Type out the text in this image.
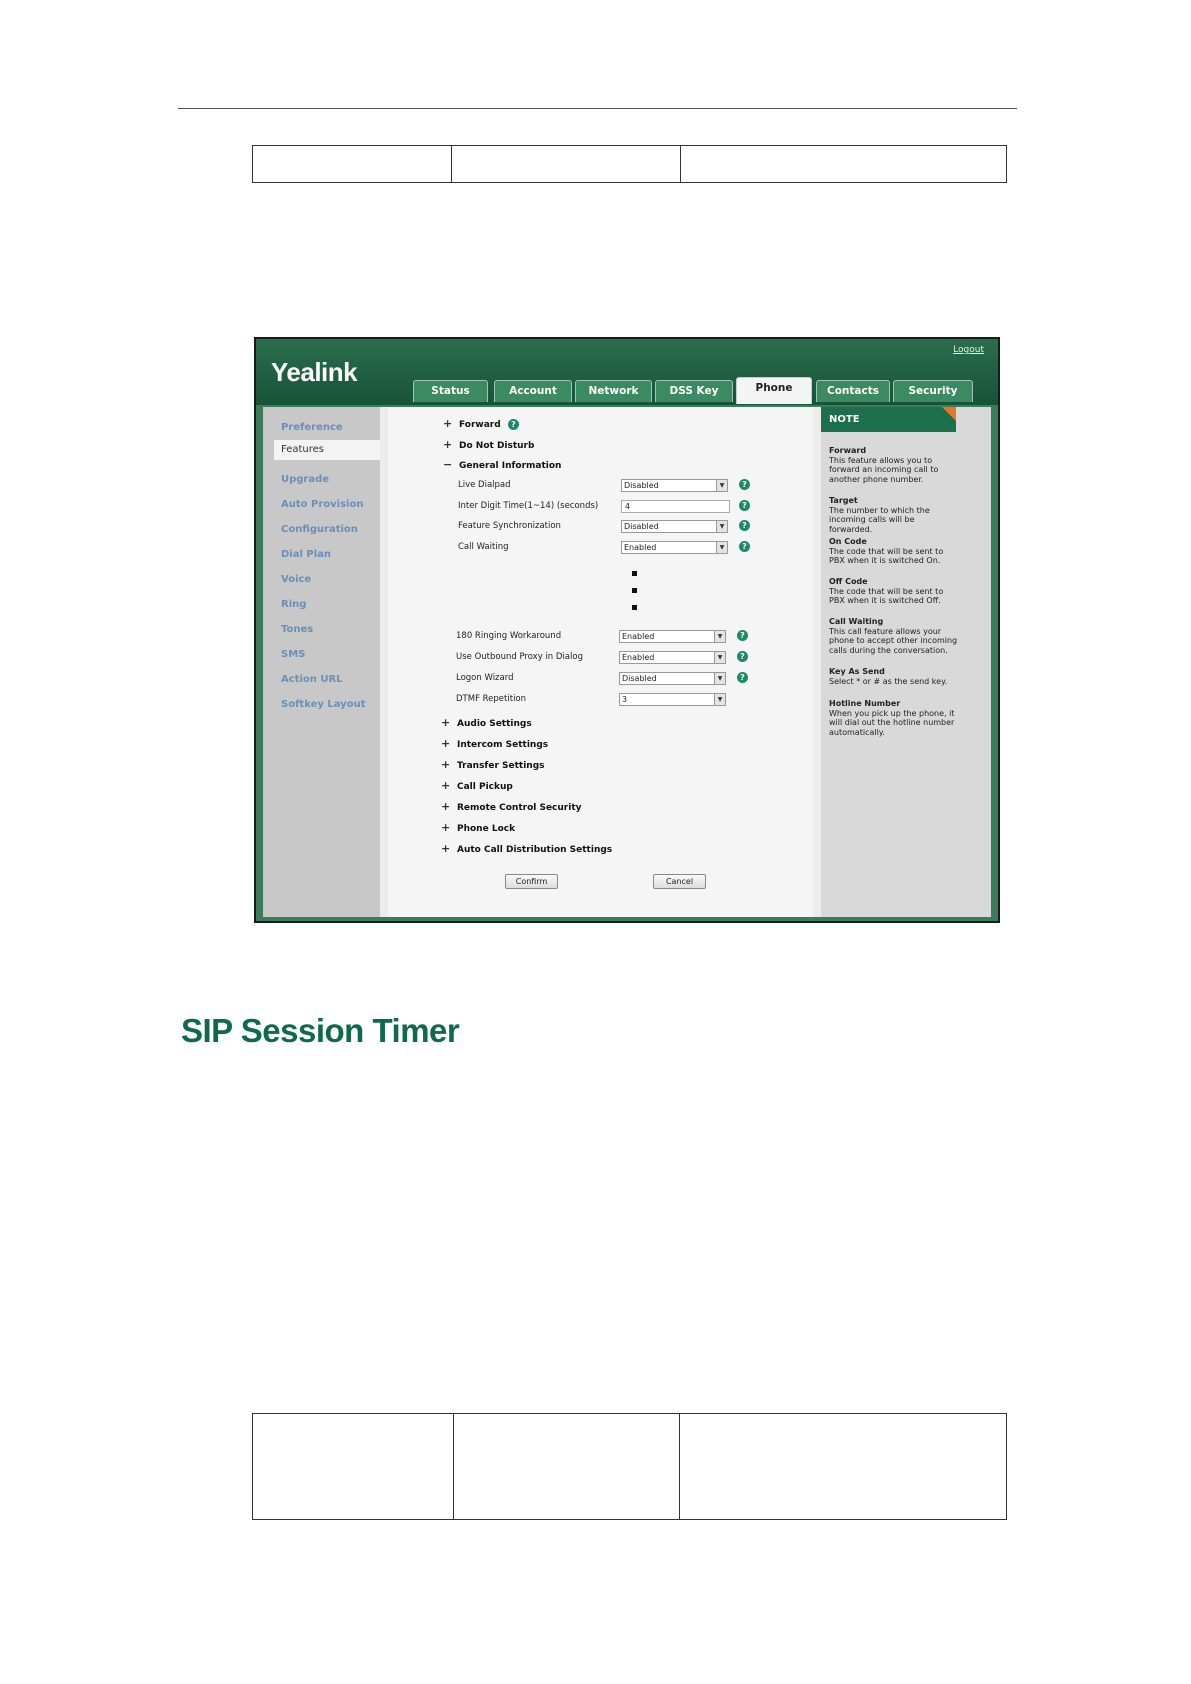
Yealink
Logout
Status	Account	Network	DSS Key	Phone	Contacts	Security
Preference
Features
Upgrade
Auto Provision
Configuration
Dial Plan
Voice
Ring
Tones
SMS
Action URL
Softkey Layout
+ Forward	?
+ Do Not Disturb
− General Information
Live Dialpad	Disabled	▼	?
Inter Digit Time(1~14) (seconds)	4	?
Feature Synchronization	Disabled	▼	?
Call Waiting	Enabled	▼	?
180 Ringing Workaround	Enabled	▼	?
Use Outbound Proxy in Dialog	Enabled	▼	?
Logon Wizard	Disabled	▼	?
DTMF Repetition	3	▼
+ Audio Settings
+ Intercom Settings
+ Transfer Settings
+ Call Pickup
+ Remote Control Security
+ Phone Lock
+ Auto Call Distribution Settings
Confirm	Cancel
NOTE
Forward
This feature allows you to forward an incoming call to another phone number.
Target
The number to which the incoming calls will be forwarded.
On Code
The code that will be sent to PBX when it is switched On.
Off Code
The code that will be sent to PBX when it is switched Off.
Call Waiting
This call feature allows your phone to accept other incoming calls during the conversation.
Key As Send
Select * or # as the send key.
Hotline Number
When you pick up the phone, it will dial out the hotline number automatically.
SIP Session Timer
